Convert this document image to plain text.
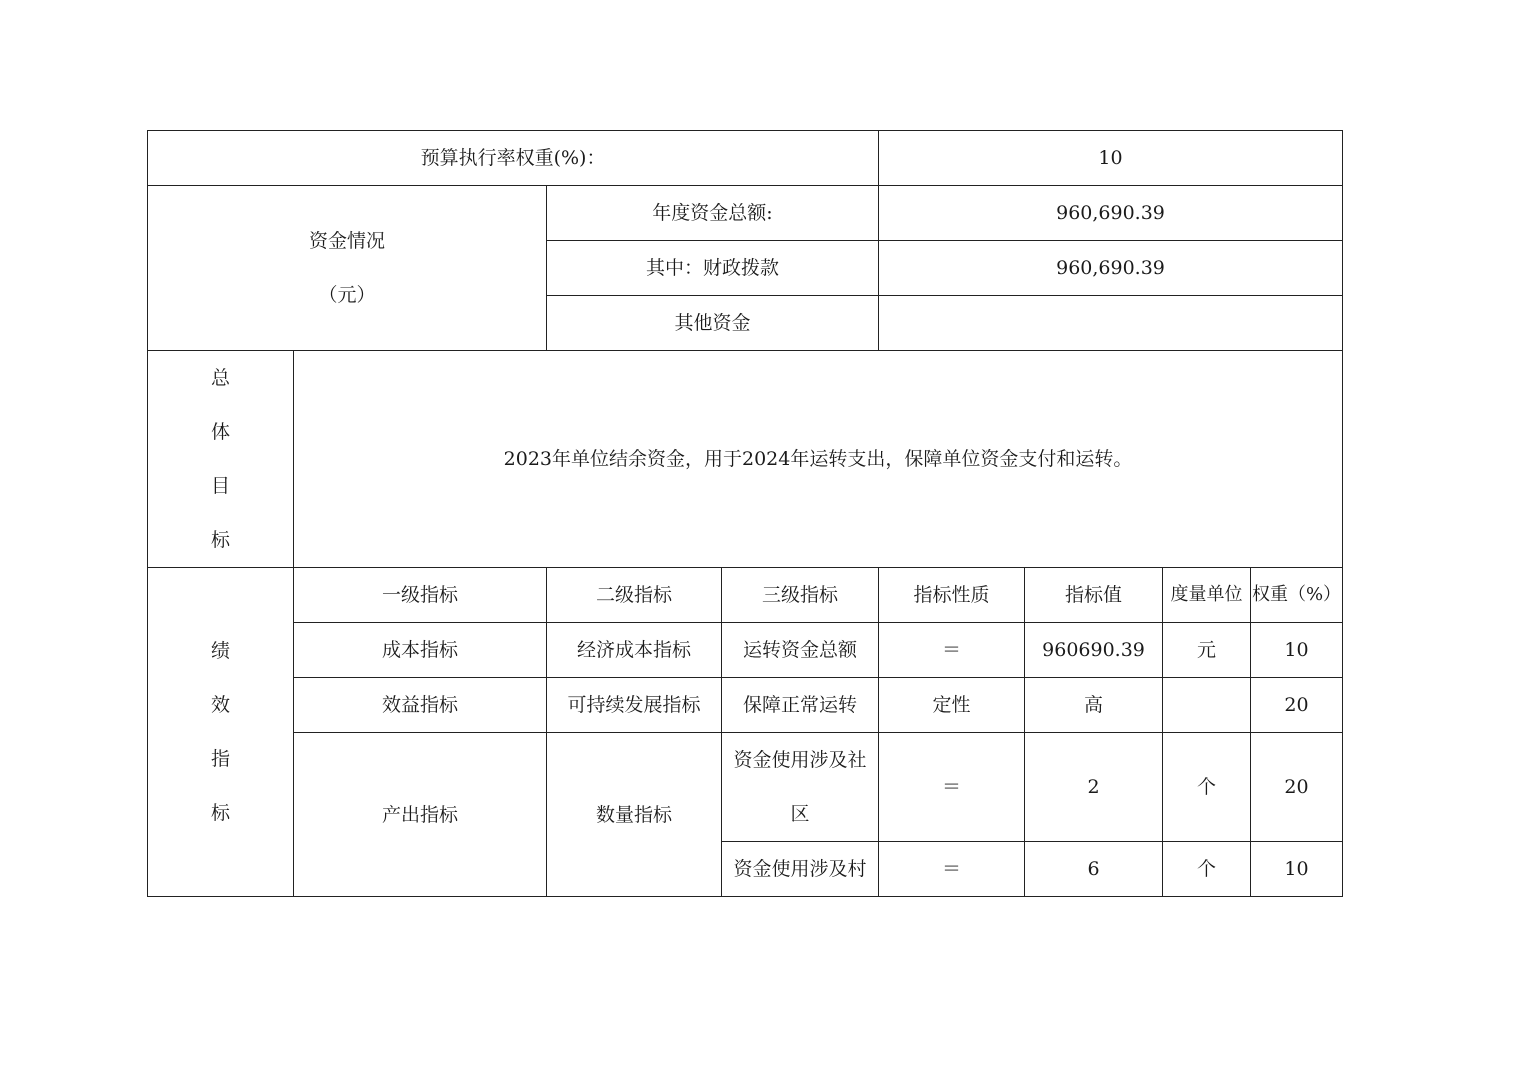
预算执行率权重(%)：				10			

资金情况
（元）		年度资金总额:		960,690.39			
		其中：财政拨款		960,690.39			
		其他资金					

总
体
目
标	2023年单位结余资金，用于2024年运转支出，保障单位资金支付和运转。						

绩
效
指
标	一级指标	二级指标	三级指标	指标性质	指标值	度量单位	权重（%）
	成本指标	经济成本指标	运转资金总额	＝	960690.39	元	10
	效益指标	可持续发展指标	保障正常运转	定性	高		20
	产出指标	数量指标	资金使用涉及社
区	＝	2	个	20
			资金使用涉及村	＝	6	个	10
